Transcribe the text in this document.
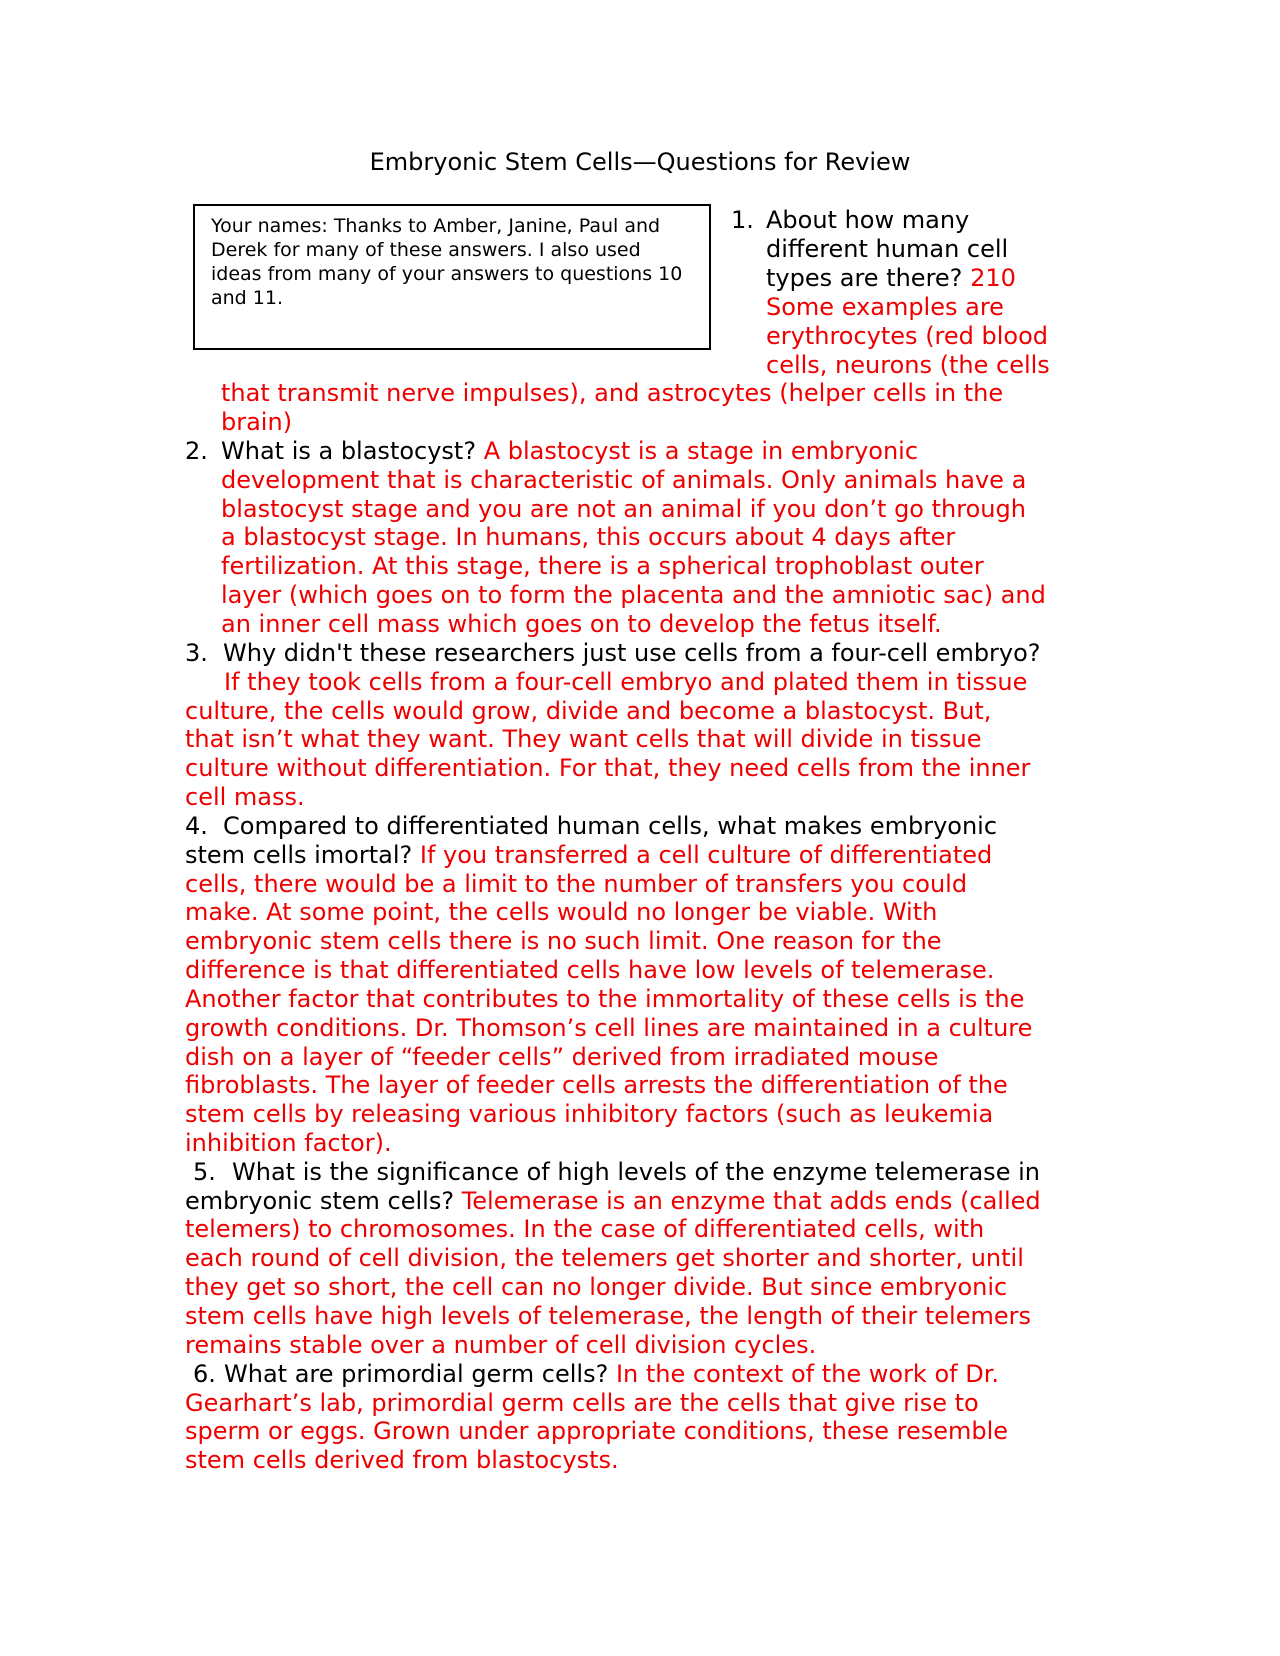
Embryonic Stem Cells—Questions for Review
Your names: Thanks to Amber, Janine, Paul and Derek for many of these answers. I also used ideas from many of your answers to questions 10 and 11.
1. About how many
different human cell
types are there? 210
Some examples are
erythrocytes (red blood
cells, neurons (the cells
that transmit nerve impulses), and astrocytes (helper cells in the
brain)
2. What is a blastocyst? A blastocyst is a stage in embryonic
development that is characteristic of animals. Only animals have a
blastocyst stage and you are not an animal if you don’t go through
a blastocyst stage. In humans, this occurs about 4 days after
fertilization. At this stage, there is a spherical trophoblast outer
layer (which goes on to form the placenta and the amniotic sac) and
an inner cell mass which goes on to develop the fetus itself.
3. Why didn't these researchers just use cells from a four-cell embryo?
If they took cells from a four-cell embryo and plated them in tissue
culture, the cells would grow, divide and become a blastocyst. But,
that isn’t what they want. They want cells that will divide in tissue
culture without differentiation. For that, they need cells from the inner
cell mass.
4. Compared to differentiated human cells, what makes embryonic
stem cells imortal? If you transferred a cell culture of differentiated
cells, there would be a limit to the number of transfers you could
make. At some point, the cells would no longer be viable. With
embryonic stem cells there is no such limit. One reason for the
difference is that differentiated cells have low levels of telemerase.
Another factor that contributes to the immortality of these cells is the
growth conditions. Dr. Thomson’s cell lines are maintained in a culture
dish on a layer of “feeder cells” derived from irradiated mouse
fibroblasts. The layer of feeder cells arrests the differentiation of the
stem cells by releasing various inhibitory factors (such as leukemia
inhibition factor).
5. What is the significance of high levels of the enzyme telemerase in
embryonic stem cells? Telemerase is an enzyme that adds ends (called
telemers) to chromosomes. In the case of differentiated cells, with
each round of cell division, the telemers get shorter and shorter, until
they get so short, the cell can no longer divide. But since embryonic
stem cells have high levels of telemerase, the length of their telemers
remains stable over a number of cell division cycles.
6. What are primordial germ cells? In the context of the work of Dr.
Gearhart’s lab, primordial germ cells are the cells that give rise to
sperm or eggs. Grown under appropriate conditions, these resemble
stem cells derived from blastocysts.
